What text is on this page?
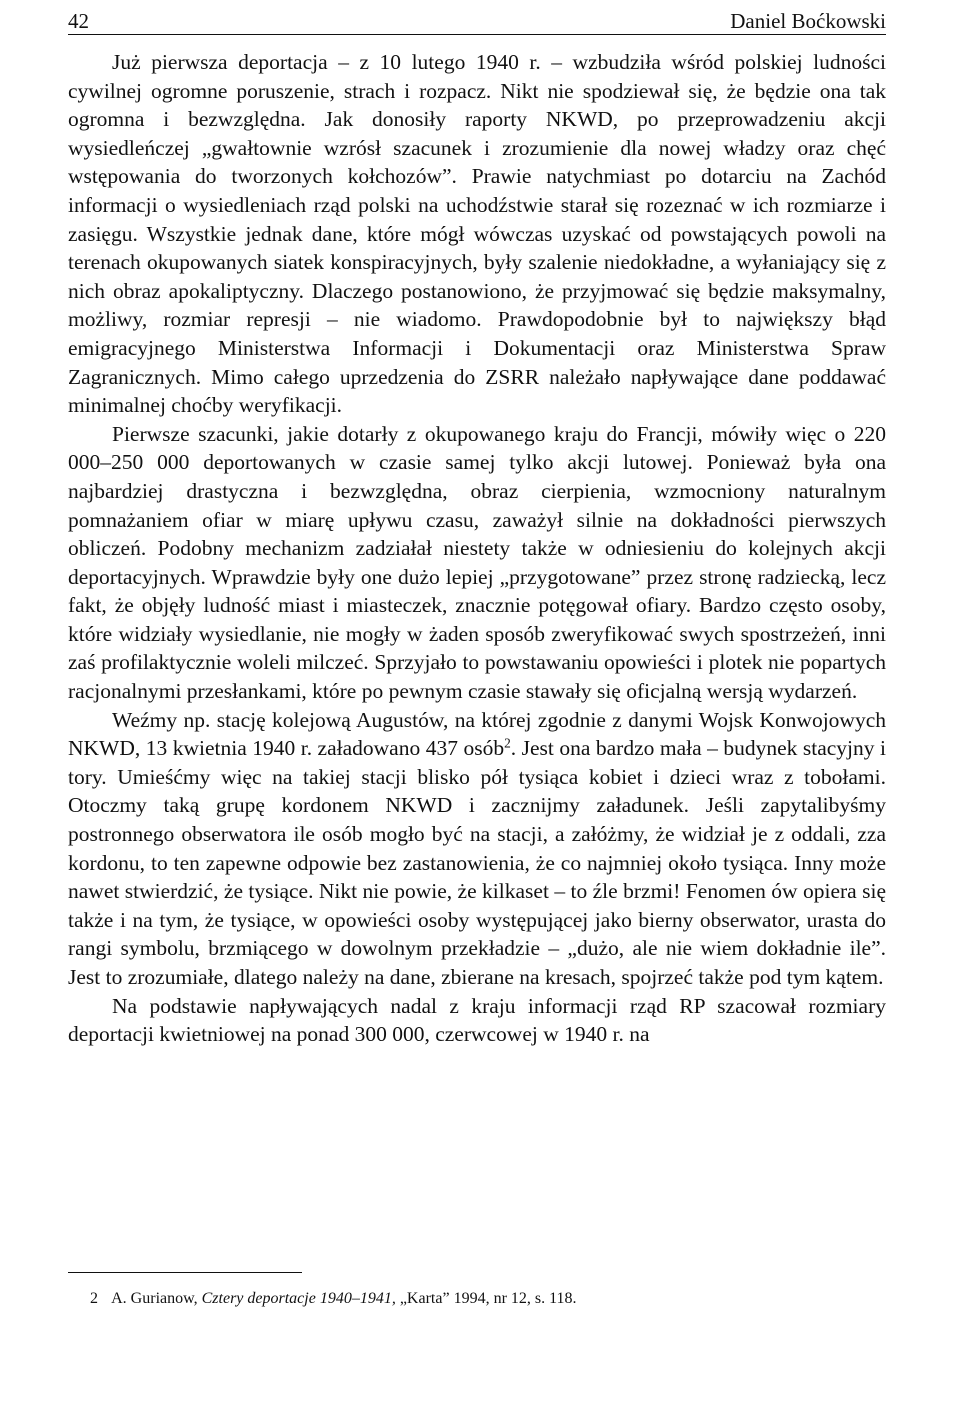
42	Daniel Boćkowski

Już pierwsza deportacja – z 10 lutego 1940 r. – wzbudziła wśród polskiej ludności cywilnej ogromne poruszenie, strach i rozpacz. Nikt nie spodziewał się, że będzie ona tak ogromna i bezwzględna. Jak donosiły raporty NKWD, po przeprowadzeniu akcji wysiedleńczej „gwałtownie wzrósł szacunek i zrozumienie dla nowej władzy oraz chęć wstępowania do tworzonych kołchozów”. Prawie natychmiast po dotarciu na Zachód informacji o wysiedleniach rząd polski na uchodźstwie starał się rozeznać w ich rozmiarze i zasięgu. Wszystkie jednak dane, które mógł wówczas uzyskać od powstających powoli na terenach okupowanych siatek konspiracyjnych, były szalenie niedokładne, a wyłaniający się z nich obraz apokaliptyczny. Dlaczego postanowiono, że przyjmować się będzie maksymalny, możliwy, rozmiar represji – nie wiadomo. Prawdopodobnie był to największy błąd emigracyjnego Ministerstwa Informacji i Dokumentacji oraz Ministerstwa Spraw Zagranicznych. Mimo całego uprzedzenia do ZSRR należało napływające dane poddawać minimalnej choćby weryfikacji.

Pierwsze szacunki, jakie dotarły z okupowanego kraju do Francji, mówiły więc o 220 000–250 000 deportowanych w czasie samej tylko akcji lutowej. Ponieważ była ona najbardziej drastyczna i bezwzględna, obraz cierpienia, wzmocniony naturalnym pomnażaniem ofiar w miarę upływu czasu, zaważył silnie na dokładności pierwszych obliczeń. Podobny mechanizm zadziałał niestety także w odniesieniu do kolejnych akcji deportacyjnych. Wprawdzie były one dużo lepiej „przygotowane” przez stronę radziecką, lecz fakt, że objęły ludność miast i miasteczek, znacznie potęgował ofiary. Bardzo często osoby, które widziały wysiedlanie, nie mogły w żaden sposób zweryfikować swych spostrzeżeń, inni zaś profilaktycznie woleli milczeć. Sprzyjało to powstawaniu opowieści i plotek nie popartych racjonalnymi przesłankami, które po pewnym czasie stawały się oficjalną wersją wydarzeń.

Weźmy np. stację kolejową Augustów, na której zgodnie z danymi Wojsk Konwojowych NKWD, 13 kwietnia 1940 r. załadowano 437 osób$^2$. Jest ona bardzo mała – budynek stacyjny i tory. Umieśćmy więc na takiej stacji blisko pół tysiąca kobiet i dzieci wraz z tobołami. Otoczmy taką grupę kordonem NKWD i zacznijmy załadunek. Jeśli zapytalibyśmy postronnego obserwatora ile osób mogło być na stacji, a załóżmy, że widział je z oddali, zza kordonu, to ten zapewne odpowie bez zastanowienia, że co najmniej około tysiąca. Inny może nawet stwierdzić, że tysiące. Nikt nie powie, że kilkaset – to źle brzmi! Fenomen ów opiera się także i na tym, że tysiące, w opowieści osoby występującej jako bierny obserwator, urasta do rangi symbolu, brzmiącego w dowolnym przekładzie – „dużo, ale nie wiem dokładnie ile”. Jest to zrozumiałe, dlatego należy na dane, zbierane na kresach, spojrzeć także pod tym kątem.

Na podstawie napływających nadal z kraju informacji rząd RP szacował rozmiary deportacji kwietniowej na ponad 300 000, czerwcowej w 1940 r. na

2 A. Gurianow, Cztery deportacje 1940–1941, „Karta” 1994, nr 12, s. 118.
